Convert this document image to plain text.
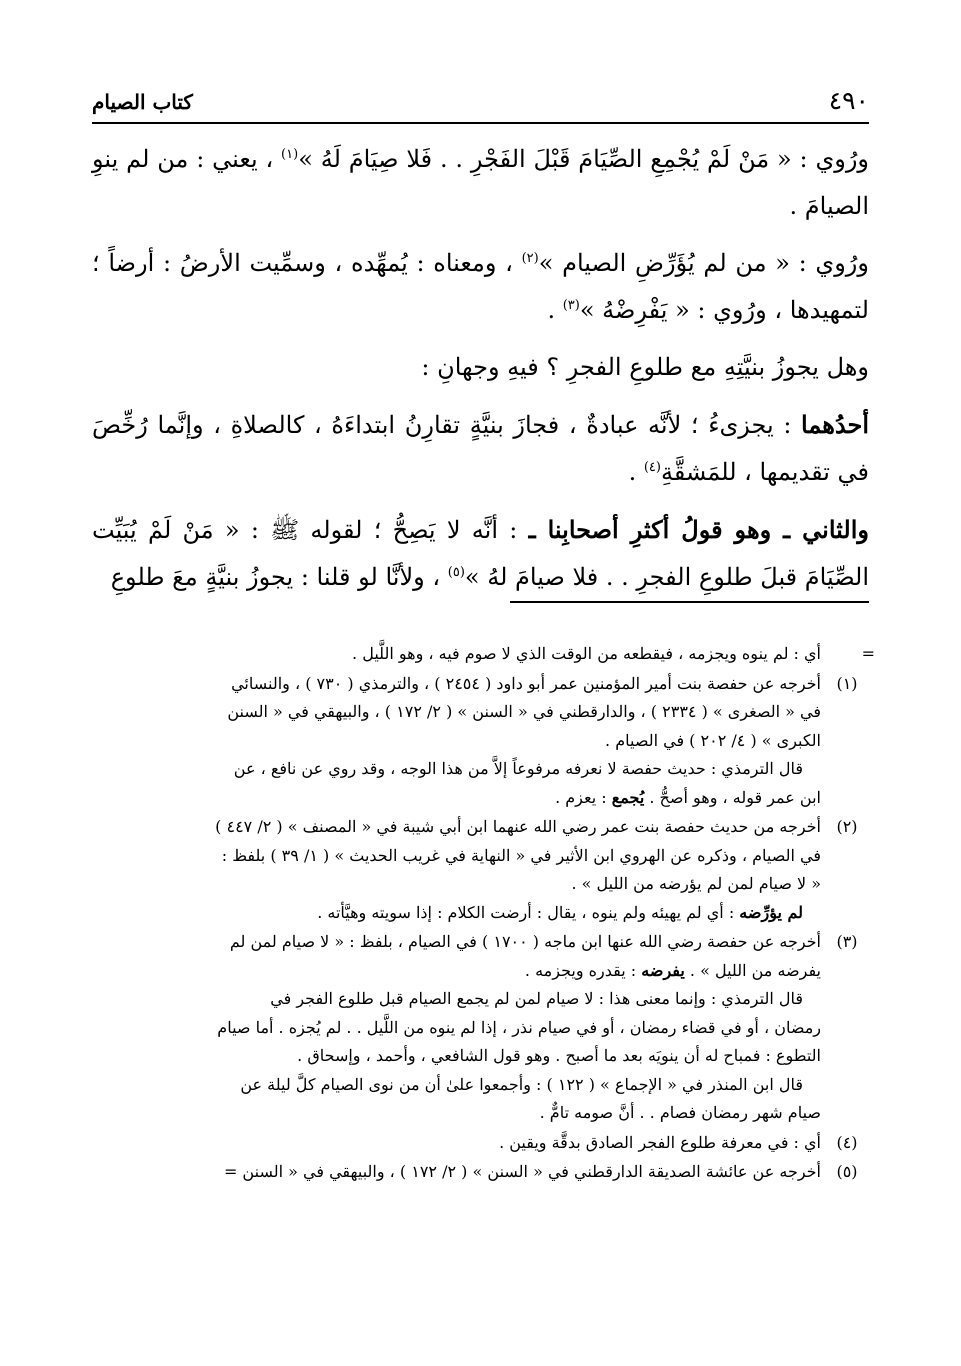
٤٩٠
كتاب الصيام

ورُوي : « مَنْ لَمْ يُجْمِعِ الصِّيَامَ قَبْلَ الفَجْرِ . . فَلا صِيَامَ لَهُ »$^{(١)}$ ، يعني : من لم ينوِ الصيامَ .

ورُوي : « من لم يُؤَرِّضِ الصيام »$^{(٢)}$ ، ومعناه : يُمهِّده ، وسمِّيت الأرضُ : أرضاً ؛ لتمهيدها ، ورُوي : « يَفْرِضْهُ »$^{(٣)}$ .

وهل يجوزُ بنيَّتِهِ مع طلوعِ الفجرِ ؟ فيهِ وجهانِ :

أحدُهما : يجزىءُ ؛ لأنَّه عبادةٌ ، فجازَ بنيَّةٍ تقارِنُ ابتداءَهُ ، كالصلاةِ ، وإنَّما رُخِّصَ في تقديمها ، للمَشقَّةِ$^{(٤)}$ .

والثاني ـ وهو قولُ أكثرِ أصحابِنا ـ : أنَّه لا يَصِحُّ ؛ لقوله ﷺ : « مَنْ لَمْ يُبَيِّت الصِّيَامَ قبلَ طلوعِ الفجرِ . . فلا صيامَ لهُ »$^{(٥)}$ ، ولأنَّا لو قلنا : يجوزُ بنيَّةٍ معَ طلوعِ

=
أي : لم ينوه ويجزمه ، فيقطعه من الوقت الذي لا صوم فيه ، وهو اللَّيل .
(١)
أخرجه عن حفصة بنت أمير المؤمنين عمر أبو داود ( ٢٤٥٤ ) ، والترمذي ( ٧٣٠ ) ، والنسائي
في « الصغرى » ( ٢٣٣٤ ) ، والدارقطني في « السنن » ( ٢/ ١٧٢ ) ، والبيهقي في « السنن
الكبرى » ( ٤/ ٢٠٢ ) في الصيام .
قال الترمذي : حديث حفصة لا نعرفه مرفوعاً إلاَّ من هذا الوجه ، وقد روي عن نافع ، عن
ابن عمر قوله ، وهو أصحُّ . يُجمع : يعزم .
(٢)
أخرجه من حديث حفصة بنت عمر رضي الله عنهما ابن أبي شيبة في « المصنف » ( ٢/ ٤٤٧ )
في الصيام ، وذكره عن الهروي ابن الأثير في « النهاية في غريب الحديث » ( ١/ ٣٩ ) بلفظ :
« لا صيام لمن لم يؤرضه من الليل » .
لم يؤرِّضه : أي لم يهيئه ولم ينوه ، يقال : أرضت الكلام : إذا سويته وهيَّأته .
(٣)
أخرجه عن حفصة رضي الله عنها ابن ماجه ( ١٧٠٠ ) في الصيام ، بلفظ : « لا صيام لمن لم
يفرضه من الليل » . يفرضه : يقدره ويجزمه .
قال الترمذي : وإنما معنى هذا : لا صيام لمن لم يجمع الصيام قبل طلوع الفجر في
رمضان ، أو في قضاء رمضان ، أو في صيام نذر ، إذا لم ينوه من اللَّيل . . لم يُجزه . أما صيام
التطوع : فمباح له أن ينويَه بعد ما أصبح . وهو قول الشافعي ، وأحمد ، وإسحاق .
قال ابن المنذر في « الإجماع » ( ١٢٢ ) : وأجمعوا علىٰ أن من نوى الصيام كلَّ ليلة عن
صيام شهر رمضان فصام . . أنَّ صومه تامٌّ .
(٤)
أي : في معرفة طلوع الفجر الصادق بدقَّة ويقين .
(٥)
أخرجه عن عائشة الصديقة الدارقطني في « السنن » ( ٢/ ١٧٢ ) ، والبيهقي في « السنن =
